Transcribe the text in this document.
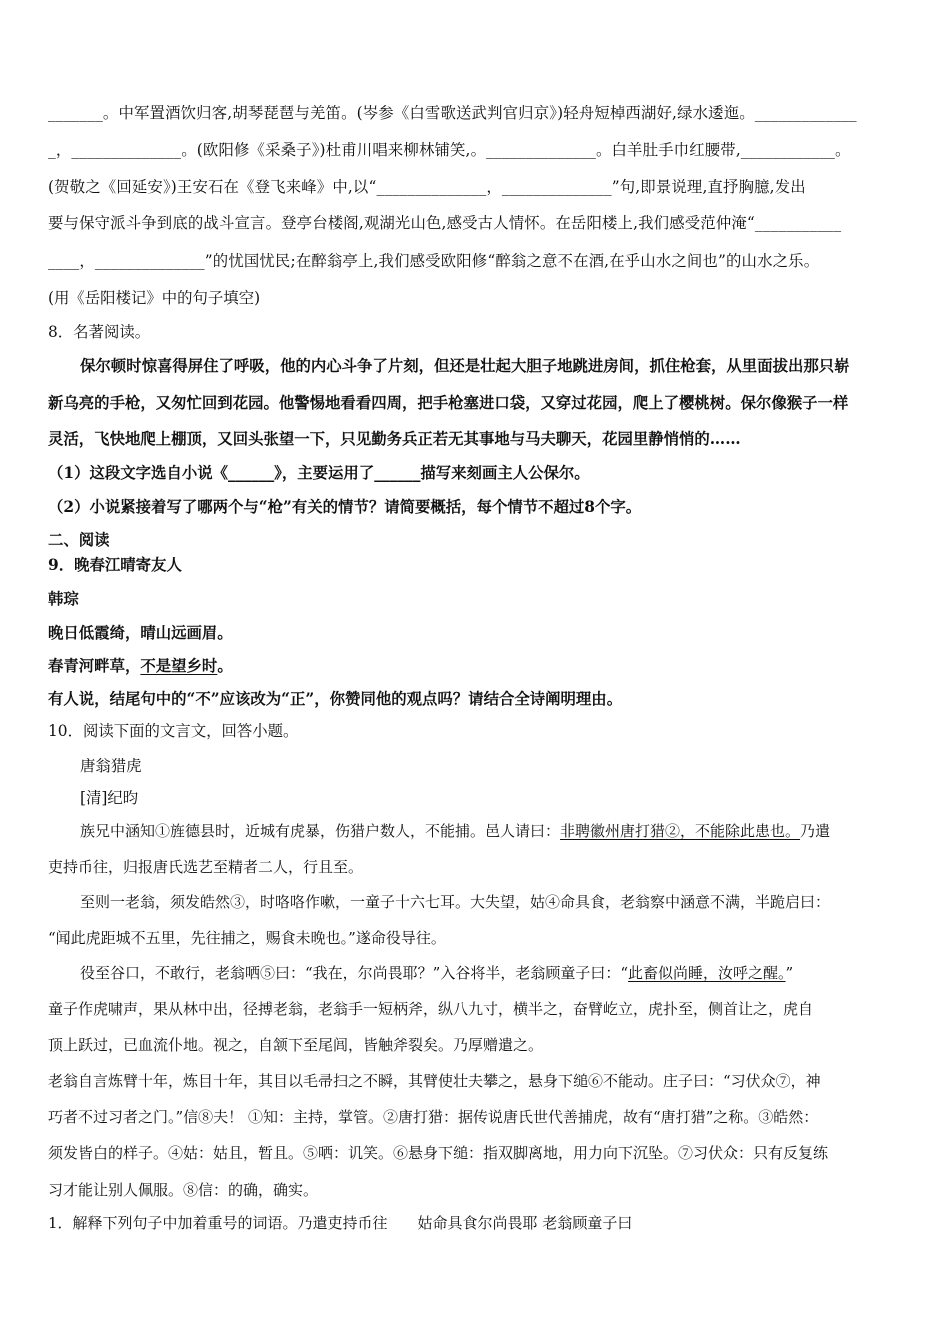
_______。中军置酒饮归客,胡琴琵琶与羌笛。(岑参《白雪歌送武判官归京》)轻舟短棹西湖好,绿水逶迤。_____________
_，______________。(欧阳修《采桑子》)杜甫川唱来柳林铺笑,。______________。白羊肚手巾红腰带,____________。
(贺敬之《回延安》)王安石在《登飞来峰》中,以“______________，______________”句,即景说理,直抒胸臆,发出
要与保守派斗争到底的战斗宣言。登亭台楼阁,观湖光山色,感受古人情怀。在岳阳楼上,我们感受范仲淹“___________
____，______________”的忧国忧民;在醉翁亭上,我们感受欧阳修“醉翁之意不在酒,在乎山水之间也”的山水之乐。
(用《岳阳楼记》中的句子填空)
8．名著阅读。
保尔顿时惊喜得屏住了呼吸，他的内心斗争了片刻，但还是壮起大胆子地跳进房间，抓住枪套，从里面拔出那只崭
新乌亮的手枪，又匆忙回到花园。他警惕地看看四周，把手枪塞进口袋，又穿过花园，爬上了樱桃树。保尔像猴子一样
灵活，飞快地爬上棚顶，又回头张望一下，只见勤务兵正若无其事地与马夫聊天，花园里静悄悄的……
（1）这段文字选自小说《______》，主要运用了______描写来刻画主人公保尔。
（2）小说紧接着写了哪两个与“枪”有关的情节？请简要概括，每个情节不超过8个字。
二、阅读
9．晚春江晴寄友人
韩琮
晚日低霞绮，晴山远画眉。
春青河畔草，不是望乡时。
有人说，结尾句中的“不”应该改为“正”，你赞同他的观点吗？请结合全诗阐明理由。
10．阅读下面的文言文，回答小题。
唐翁猎虎
[清]纪昀
族兄中涵知①旌德县时，近城有虎暴，伤猎户数人，不能捕。邑人请曰：非聘徽州唐打猎②，不能除此患也。乃遣
吏持币往，归报唐氏选艺至精者二人，行且至。
至则一老翁，须发皓然③，时咯咯作嗽，一童子十六七耳。大失望，姑④命具食，老翁察中涵意不满，半跪启曰：
“闻此虎距城不五里，先往捕之，赐食未晚也。”遂命役导往。
役至谷口，不敢行，老翁哂⑤曰：“我在，尔尚畏耶？”入谷将半，老翁顾童子曰：“此畜似尚睡，汝呼之醒。”
童子作虎啸声，果从林中出，径搏老翁，老翁手一短柄斧，纵八九寸，横半之，奋臂屹立，虎扑至，侧首让之，虎自
顶上跃过，已血流仆地。视之，自颔下至尾闾，皆触斧裂矣。乃厚赠遣之。
老翁自言炼臂十年，炼目十年，其目以毛帚扫之不瞬，其臂使壮夫攀之，悬身下缒⑥不能动。庄子曰：“习伏众⑦，神
巧者不过习者之门。”信⑧夫！ ①知：主持，掌管。②唐打猎：据传说唐氏世代善捕虎，故有“唐打猎”之称。③皓然：
须发皆白的样子。④姑：姑且，暂且。⑤哂：讥笑。⑥悬身下缒：指双脚离地，用力向下沉坠。⑦习伏众：只有反复练
习才能让别人佩服。⑧信：的确，确实。
1．解释下列句子中加着重号的词语。乃遣吏持币往　　姑命具食尔尚畏耶 老翁顾童子曰
